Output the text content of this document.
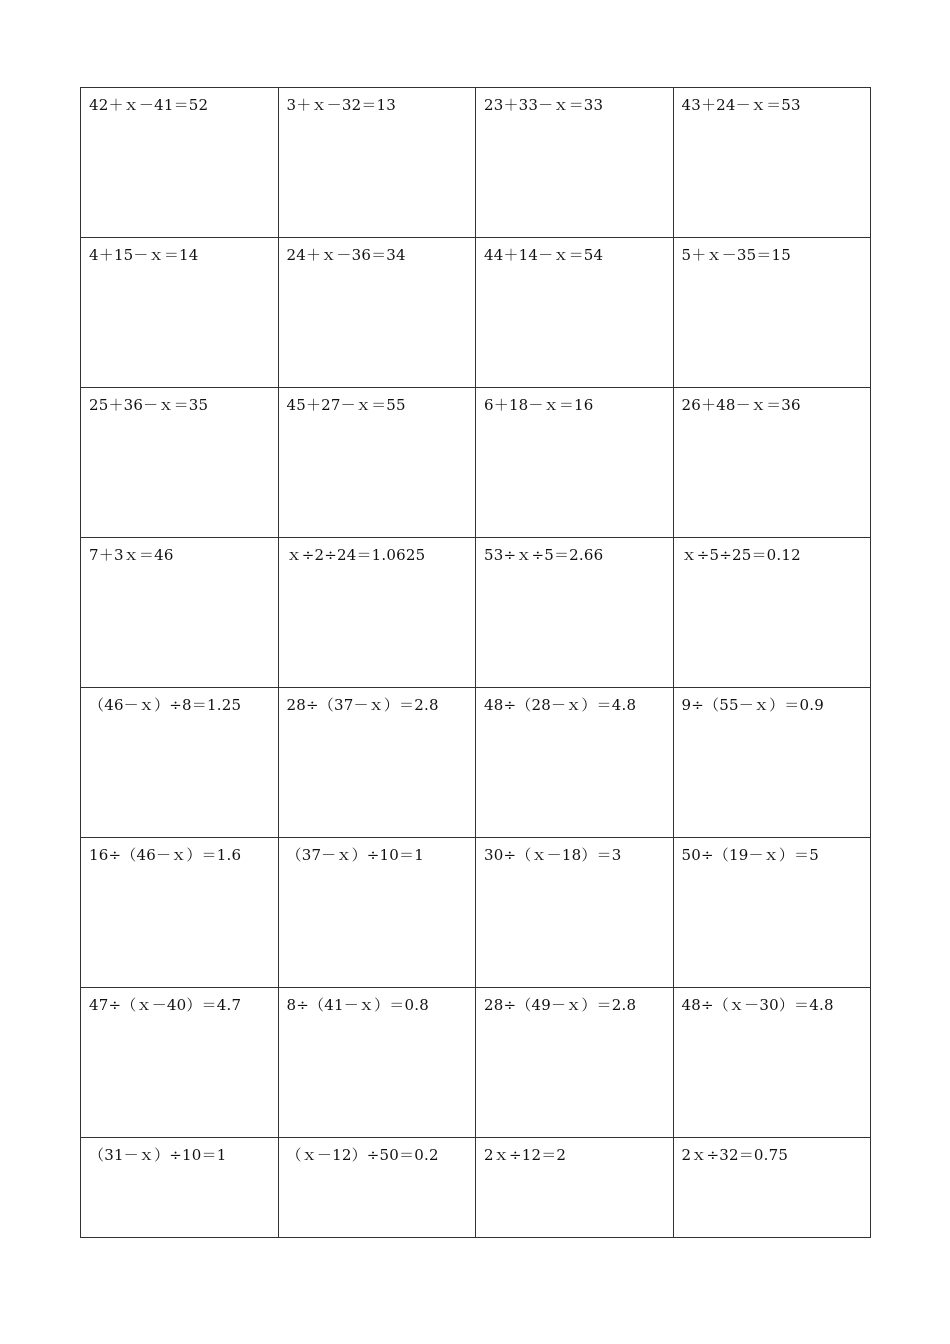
42＋ｘ－41＝52	3＋ｘ－32＝13	23＋33－ｘ＝33	43＋24－ｘ＝53
4＋15－ｘ＝14	24＋ｘ－36＝34	44＋14－ｘ＝54	5＋ｘ－35＝15
25＋36－ｘ＝35	45＋27－ｘ＝55	6＋18－ｘ＝16	26＋48－ｘ＝36
7＋3ｘ＝46	ｘ÷2÷24＝1.0625	53÷ｘ÷5＝2.66	ｘ÷5÷25＝0.12
（46－ｘ）÷8＝1.25	28÷（37－ｘ）＝2.8	48÷（28－ｘ）＝4.8	9÷（55－ｘ）＝0.9
16÷（46－ｘ）＝1.6	（37－ｘ）÷10＝1	30÷（ｘ－18）＝3	50÷（19－ｘ）＝5
47÷（ｘ－40）＝4.7	8÷（41－ｘ）＝0.8	28÷（49－ｘ）＝2.8	48÷（ｘ－30）＝4.8
（31－ｘ）÷10＝1	（ｘ－12）÷50＝0.2	2ｘ÷12＝2	2ｘ÷32＝0.75
